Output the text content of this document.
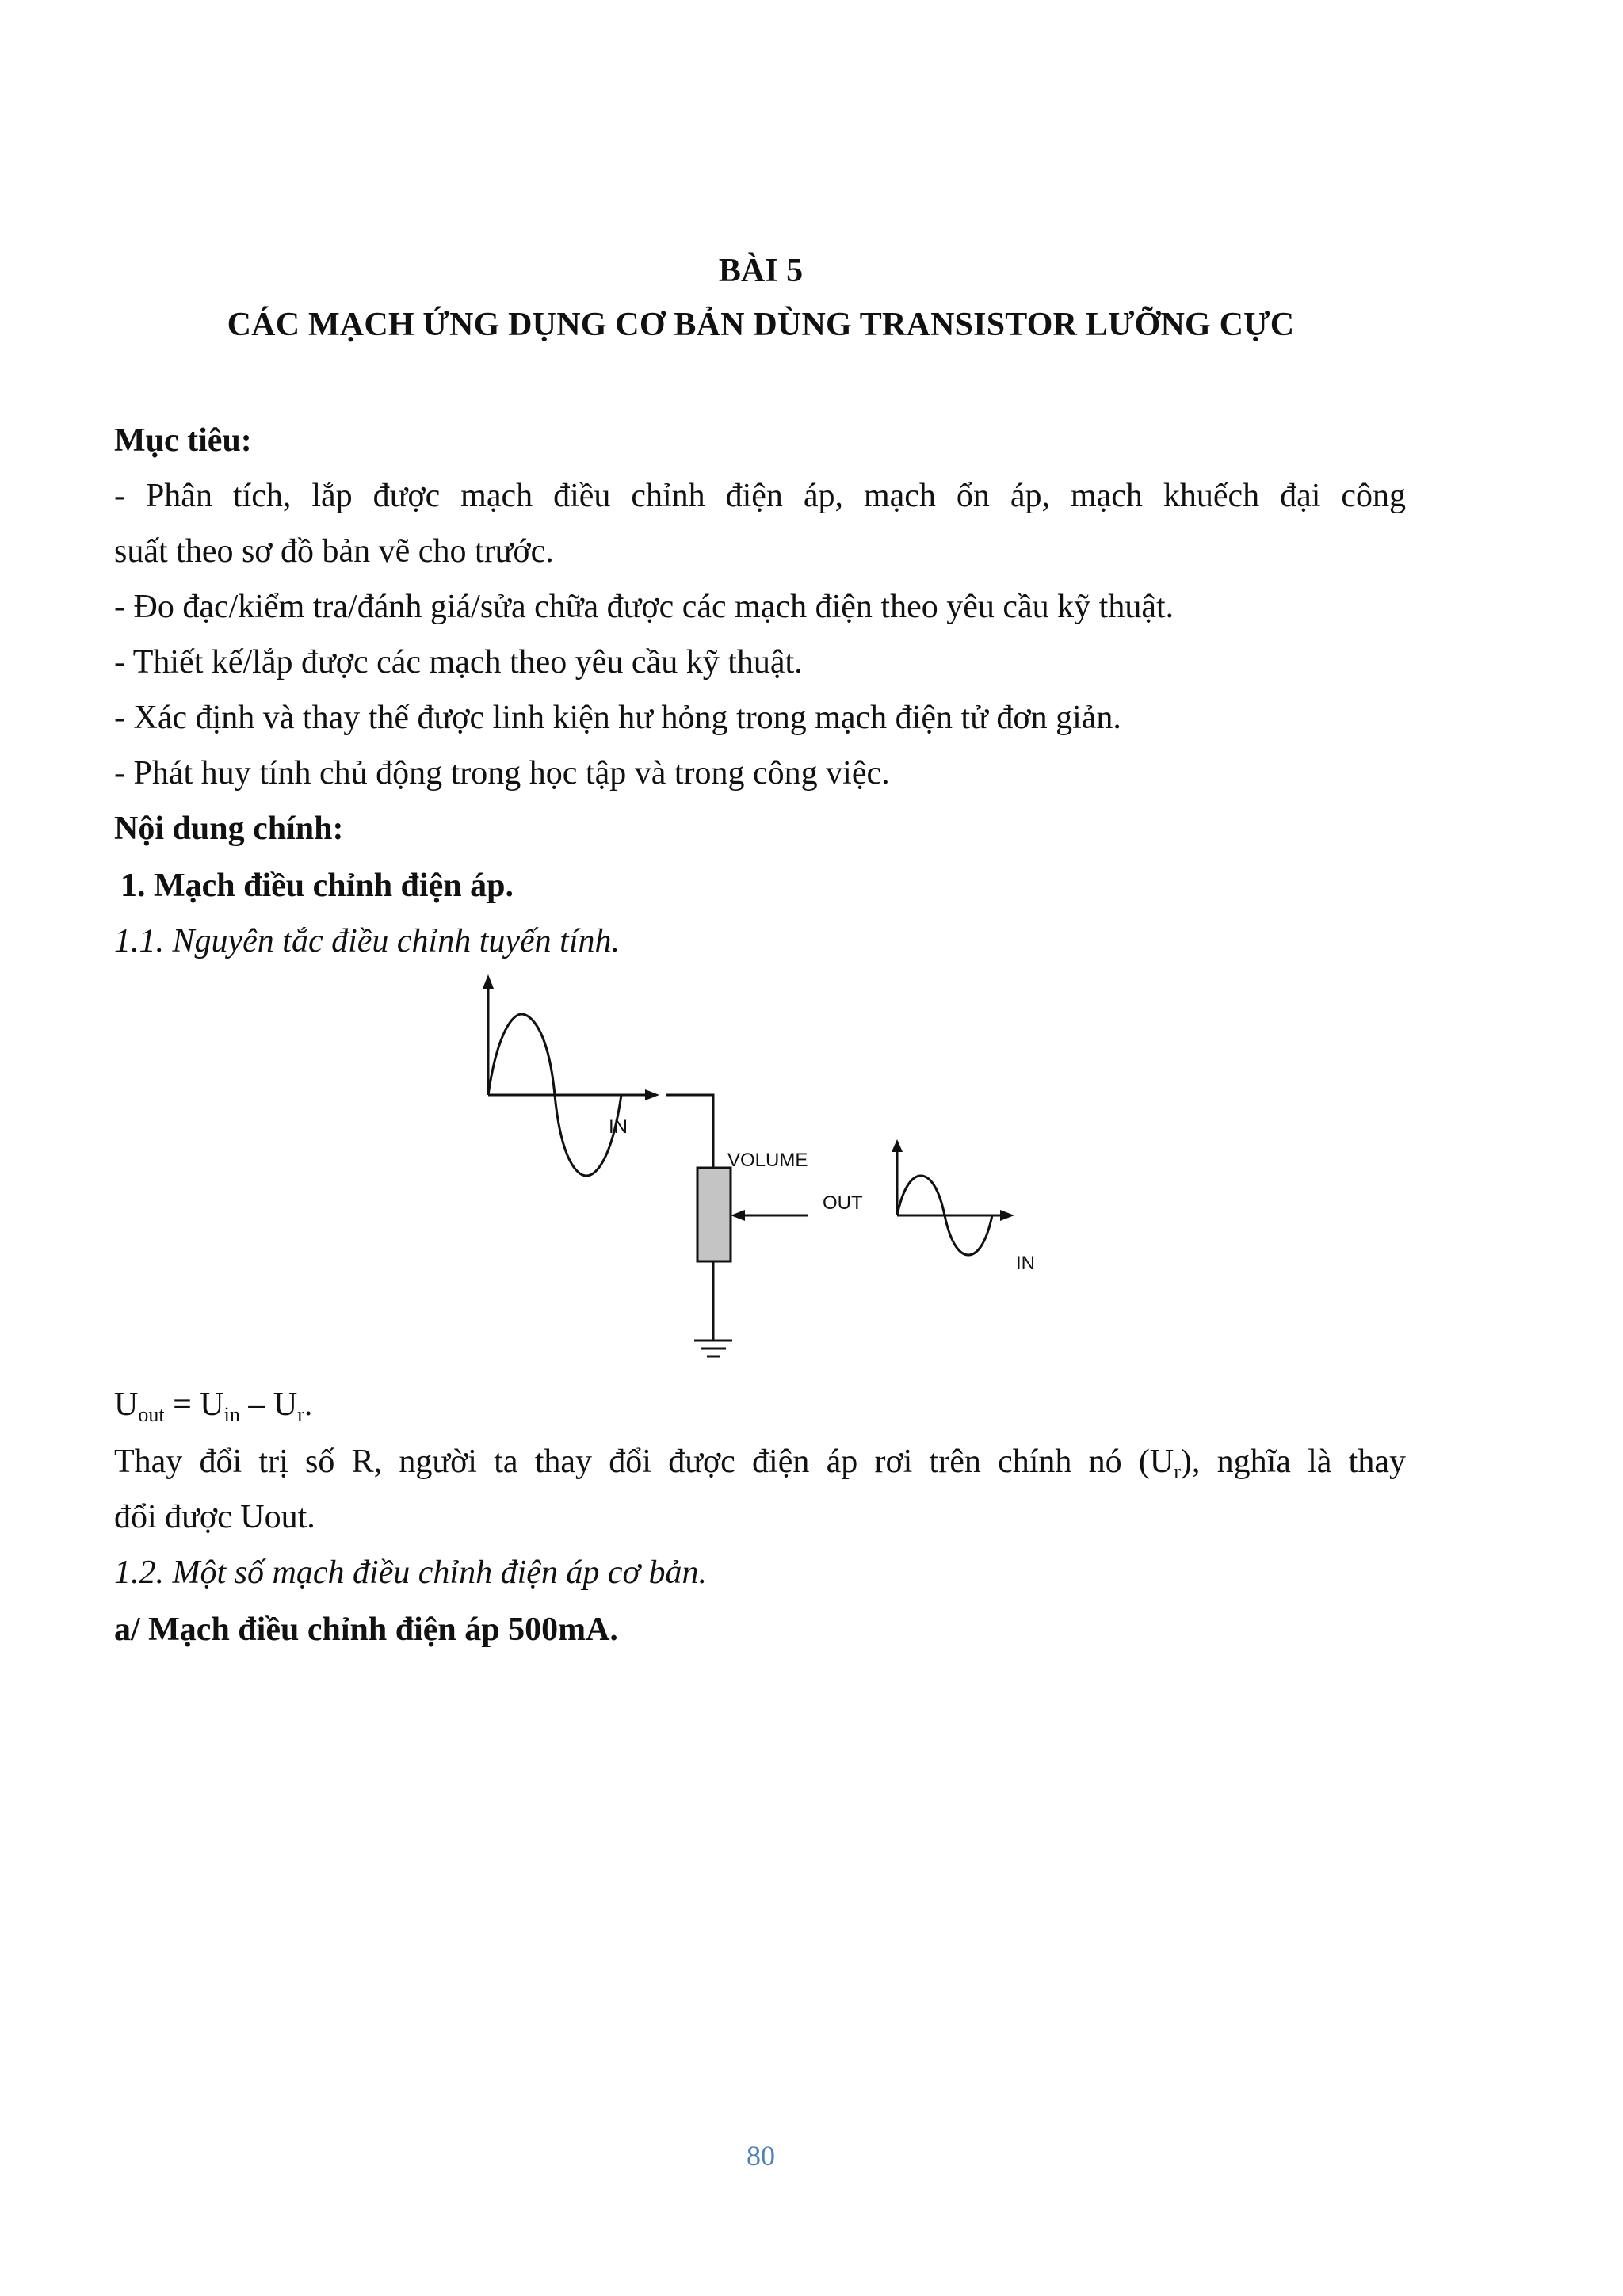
BÀI 5
CÁC MẠCH ỨNG DỤNG CƠ BẢN DÙNG TRANSISTOR LƯỠNG CỰC
Mục tiêu:
- Phân tích, lắp được mạch điều chỉnh điện áp, mạch ổn áp, mạch khuếch đại công
suất theo sơ đồ bản vẽ cho trước.
- Đo đạc/kiểm tra/đánh giá/sửa chữa được các mạch điện theo yêu cầu kỹ thuật.
- Thiết kế/lắp được các mạch theo yêu cầu kỹ thuật.
- Xác định và thay thế được linh kiện hư hỏng trong mạch điện tử đơn giản.
- Phát huy tính chủ động trong học tập và trong công việc.
Nội dung chính:
1. Mạch điều chỉnh điện áp.
1.1. Nguyên tắc điều chỉnh tuyến tính.
IN
VOLUME
OUT
IN
$U_{out} = U_{in} - U_r$.
Thay đổi trị số R, người ta thay đổi được điện áp rơi trên chính nó $(U_r)$, nghĩa là thay
đổi được Uout.
1.2. Một số mạch điều chỉnh điện áp cơ bản.
a/ Mạch điều chỉnh điện áp 500mA.
80
